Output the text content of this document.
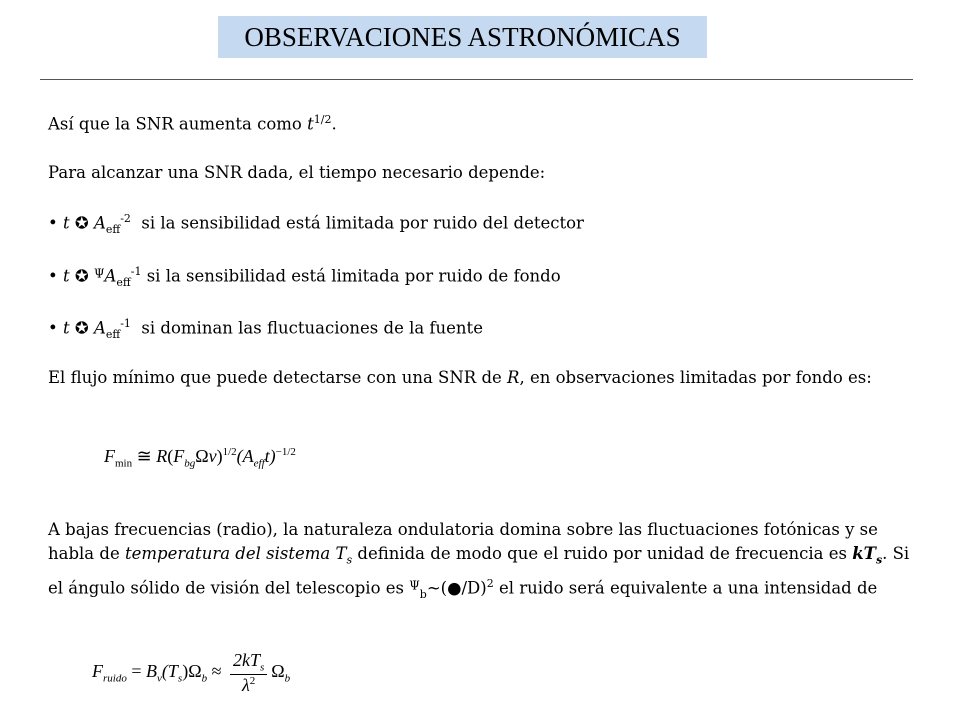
OBSERVACIONES ASTRONÓMICAS
Así que la SNR aumenta como $t^{1/2}$.
Para alcanzar una SNR dada, el tiempo necesario depende:
• t ✪ $A_{eff}^{-2}$  si la sensibilidad está limitada por ruido del detector
• t ✪ $^\Psi A_{eff}^{-1}$ si la sensibilidad está limitada por ruido de fondo
• t ✪ $A_{eff}^{-1}$  si dominan las fluctuaciones de la fuente
El flujo mínimo que puede detectarse con una SNR de R, en observaciones limitadas por fondo es:
$F_{min}$ ≅ $R(F_{bg}\Omega\nu)^{1/2}(A_{eff}t)^{-1/2}$
A bajas frecuencias (radio), la naturaleza ondulatoria domina sobre las fluctuaciones fotónicas y se habla de temperatura del sistema $T_s$ definida de modo que el ruido por unidad de frecuencia es $kT_s$. Si el ángulo sólido de visión del telescopio es $^\Psi_b$~(●/D)$^2$ el ruido será equivalente a una intensidad de
$F_{ruido} = B_\nu(T_s)\Omega_b \approx \frac{2kT_s}{\lambda^2} \Omega_b$
